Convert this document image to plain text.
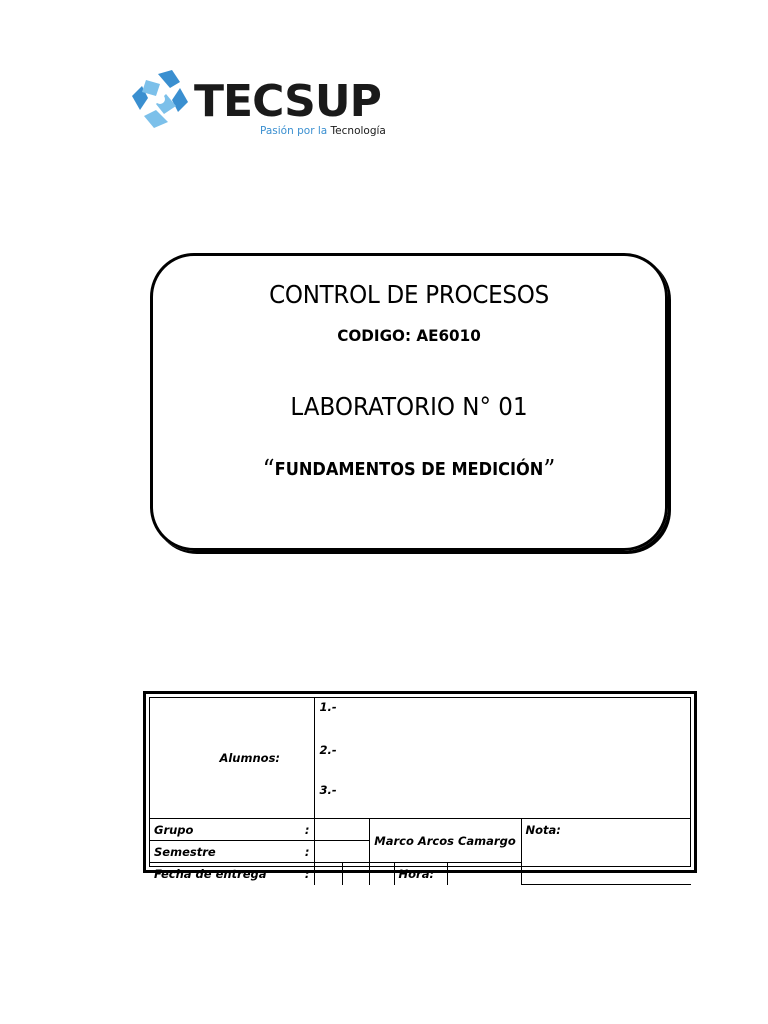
TECSUP
Pasión por la Tecnología
CONTROL DE PROCESOS
CODIGO: AE6010
LABORATORIO N° 01
“FUNDAMENTOS DE MEDICIÓN”
Alumnos:	1.-
2.-
3.-					

Grupo :			Marco Arcos Camargo			Nota:

Semestre :						

Fecha de entrega :				Hora:		
